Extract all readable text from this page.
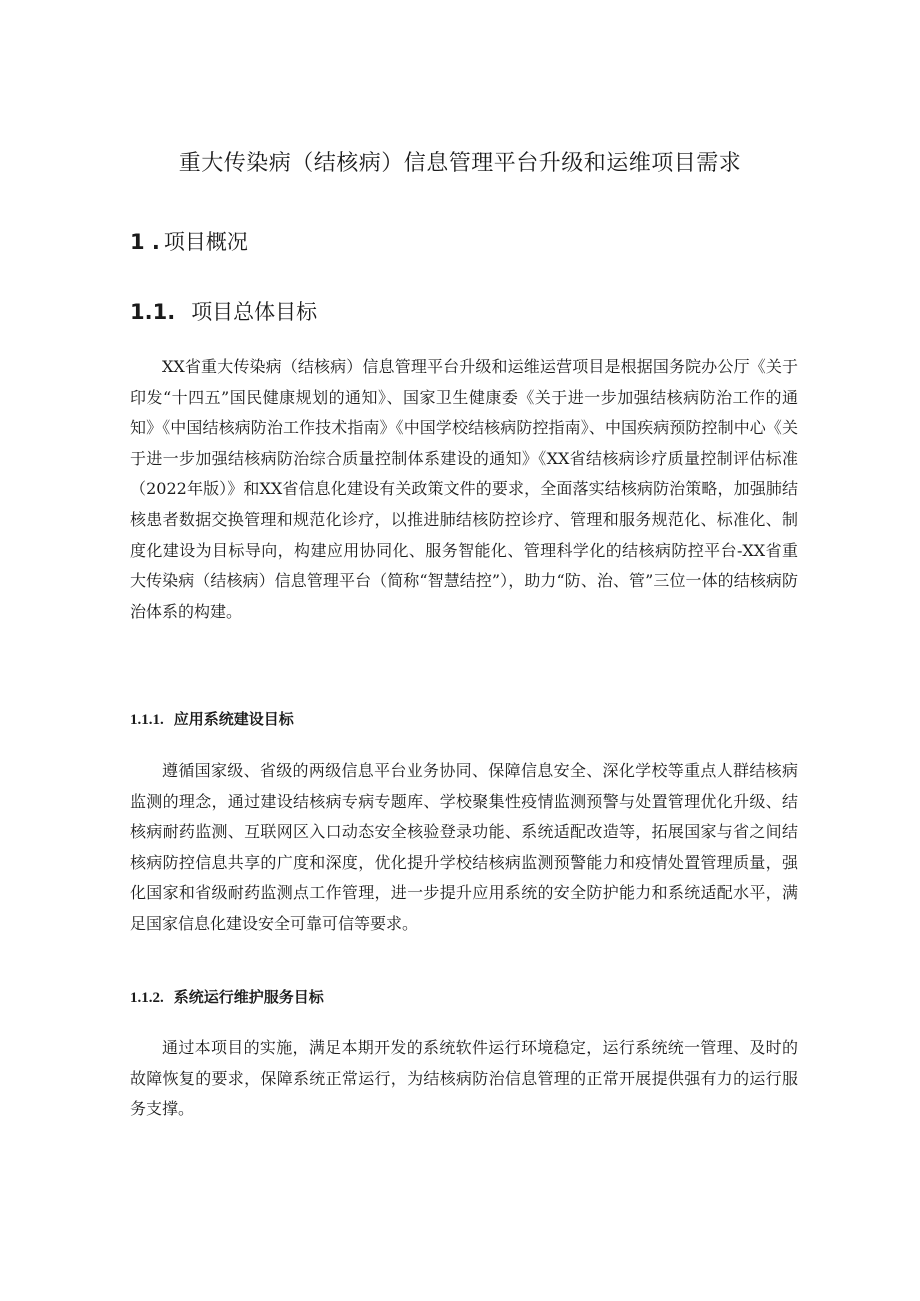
重大传染病（结核病）信息管理平台升级和运维项目需求
1 . 项目概况
1.1. 项目总体目标

XX省重大传染病（结核病）信息管理平台升级和运维运营项目是根据国务院办公厅《关于印发“十四五”国民健康规划的通知》、国家卫生健康委《关于进一步加强结核病防治工作的通知》《中国结核病防治工作技术指南》《中国学校结核病防控指南》、中国疾病预防控制中心《关于进一步加强结核病防治综合质量控制体系建设的通知》《XX省结核病诊疗质量控制评估标准（2022年版）》和XX省信息化建设有关政策文件的要求，全面落实结核病防治策略，加强肺结核患者数据交换管理和规范化诊疗，以推进肺结核防控诊疗、管理和服务规范化、标准化、制度化建设为目标导向，构建应用协同化、服务智能化、管理科学化的结核病防控平台-XX省重大传染病（结核病）信息管理平台（简称“智慧结控”），助力“防、治、管”三位一体的结核病防治体系的构建。

1.1.1. 应用系统建设目标

遵循国家级、省级的两级信息平台业务协同、保障信息安全、深化学校等重点人群结核病监测的理念，通过建设结核病专病专题库、学校聚集性疫情监测预警与处置管理优化升级、结核病耐药监测、互联网区入口动态安全核验登录功能、系统适配改造等，拓展国家与省之间结核病防控信息共享的广度和深度，优化提升学校结核病监测预警能力和疫情处置管理质量，强化国家和省级耐药监测点工作管理，进一步提升应用系统的安全防护能力和系统适配水平，满足国家信息化建设安全可靠可信等要求。

1.1.2. 系统运行维护服务目标

通过本项目的实施，满足本期开发的系统软件运行环境稳定，运行系统统一管理、及时的故障恢复的要求，保障系统正常运行，为结核病防治信息管理的正常开展提供强有力的运行服务支撑。
